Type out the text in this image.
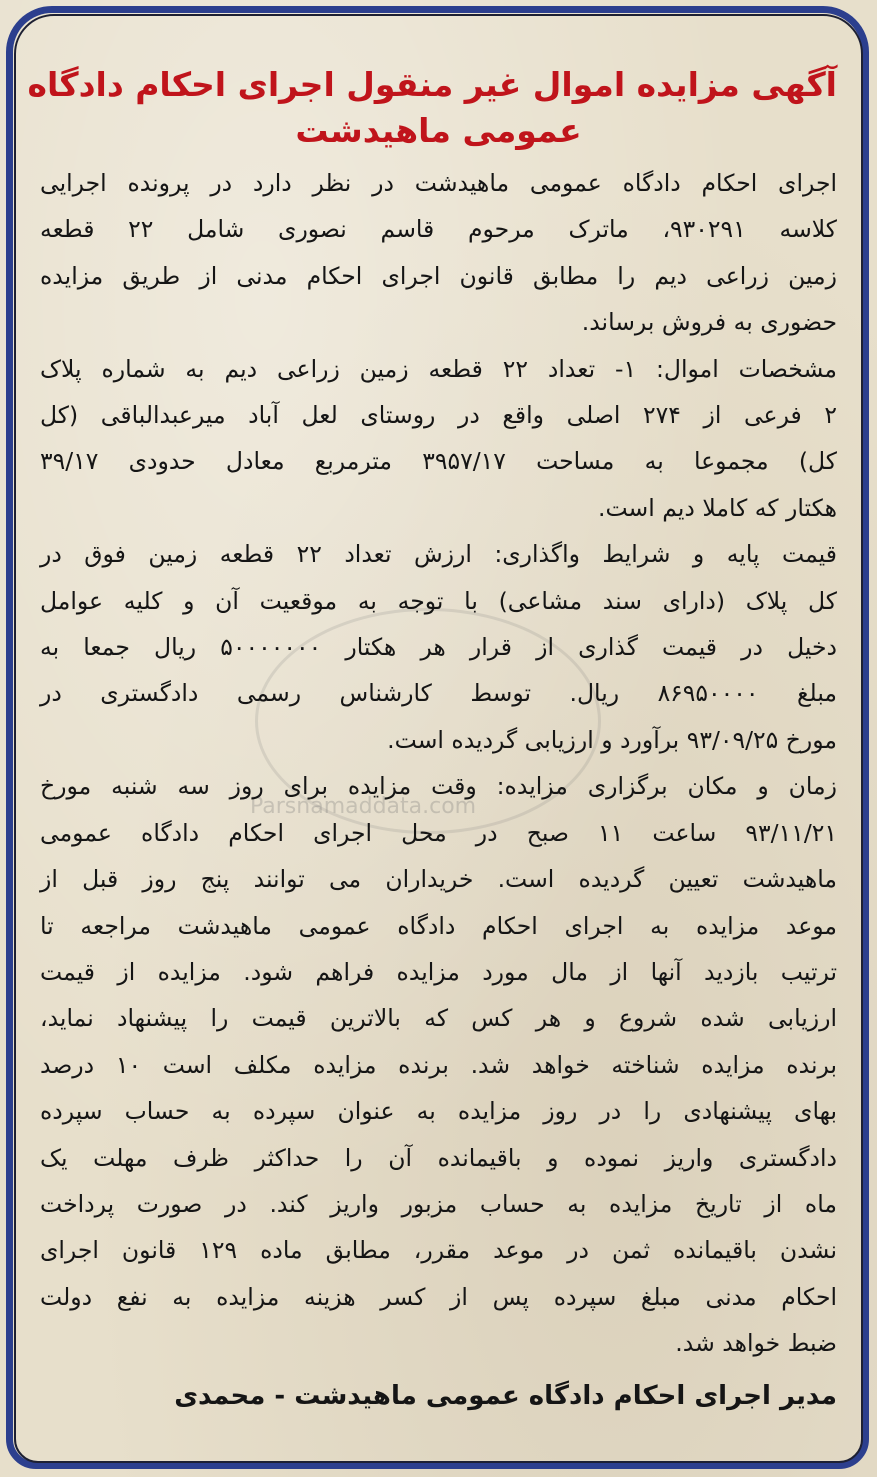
Parsnamaddata.com
آگهی مزایده اموال غیر منقول اجرای احکام دادگاه
عمومی ماهیدشت
اجرای احکام دادگاه عمومی ماهیدشت در نظر دارد در پرونده اجرایی
کلاسه ۹۳۰۲۹۱، ماترک مرحوم قاسم نصوری شامل ۲۲ قطعه
زمین زراعی دیم را مطابق قانون اجرای احکام مدنی از طریق مزایده
حضوری به فروش برساند.
مشخصات اموال: ۱- تعداد ۲۲ قطعه زمین زراعی دیم به شماره پلاک
۲ فرعی از ۲۷۴ اصلی واقع در روستای لعل آباد میرعبدالباقی (کل
کل) مجموعا به مساحت ۳۹۵۷/۱۷ مترمربع معادل حدودی ۳۹/۱۷
هکتار که کاملا دیم است.
قیمت پایه و شرایط واگذاری: ارزش تعداد ۲۲ قطعه زمین فوق در
کل پلاک (دارای سند مشاعی) با توجه به موقعیت آن و کلیه عوامل
دخیل در قیمت گذاری از قرار هر هکتار ۵۰۰۰۰۰۰۰ ریال جمعا به
مبلغ ۸۶۹۵۰۰۰۰ ریال. توسط کارشناس رسمی دادگستری در
مورخ ۹۳/۰۹/۲۵ برآورد و ارزیابی گردیده است.
زمان و مکان برگزاری مزایده: وقت مزایده برای روز سه شنبه مورخ
۹۳/۱۱/۲۱ ساعت ۱۱ صبح در محل اجرای احکام دادگاه عمومی
ماهیدشت تعیین گردیده است. خریداران می توانند پنج روز قبل از
موعد مزایده به اجرای احکام دادگاه عمومی ماهیدشت مراجعه تا
ترتیب بازدید آنها از مال مورد مزایده فراهم شود. مزایده از قیمت
ارزیابی شده شروع و هر کس که بالاترین قیمت را پیشنهاد نماید،
برنده مزایده شناخته خواهد شد. برنده مزایده مکلف است ۱۰ درصد
بهای پیشنهادی را در روز مزایده به عنوان سپرده به حساب سپرده
دادگستری واریز نموده و باقیمانده آن را حداکثر ظرف مهلت یک
ماه از تاریخ مزایده به حساب مزبور واریز کند. در صورت پرداخت
نشدن باقیمانده ثمن در موعد مقرر، مطابق ماده ۱۲۹ قانون اجرای
احکام مدنی مبلغ سپرده پس از کسر هزینه مزایده به نفع دولت
ضبط خواهد شد.
مدیر اجرای احکام دادگاه عمومی ماهیدشت - محمدی
